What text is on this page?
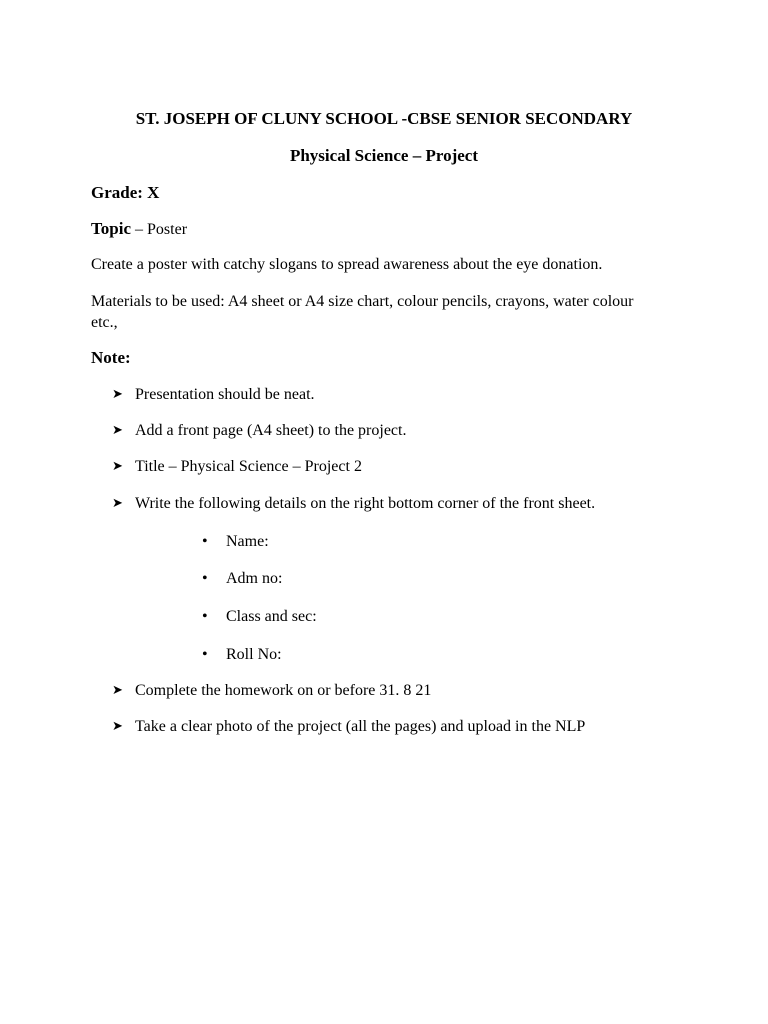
ST. JOSEPH OF CLUNY SCHOOL -CBSE SENIOR SECONDARY
Physical Science – Project
Grade: X
Topic – Poster
Create a poster with catchy slogans to spread awareness about the eye donation.
Materials to be used: A4 sheet or A4 size chart, colour pencils, crayons, water colour etc.,
Note:
➤ Presentation should be neat.
➤ Add a front page (A4 sheet) to the project.
➤ Title – Physical Science – Project 2
➤ Write the following details on the right bottom corner of the front sheet.
• Name:
• Adm no:
• Class and sec:
• Roll No:
➤ Complete the homework on or before 31. 8 21
➤ Take a clear photo of the project (all the pages) and upload in the NLP
